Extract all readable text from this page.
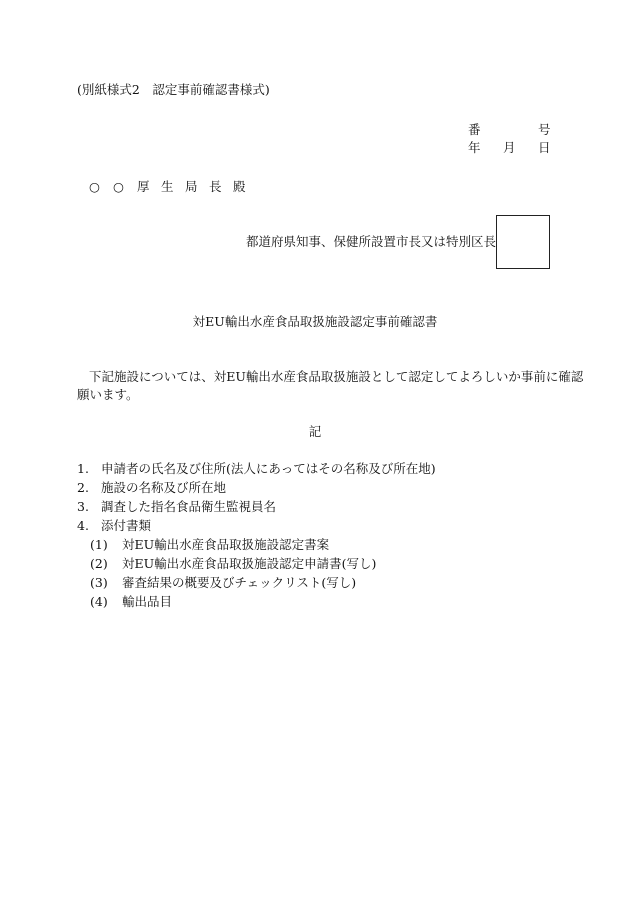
(別紙様式2　認定事前確認書様式)
番	号
年 月 日
○ ○ 厚 生 局 長 殿
都道府県知事、保健所設置市長又は特別区長
対EU輸出水産食品取扱施設認定事前確認書
下記施設については、対EU輸出水産食品取扱施設として認定してよろしいか事前に確認
願います。
記
1. 申請者の氏名及び住所(法人にあってはその名称及び所在地)
2. 施設の名称及び所在地
3. 調査した指名食品衛生監視員名
4. 添付書類
(1) 対EU輸出水産食品取扱施設認定書案
(2) 対EU輸出水産食品取扱施設認定申請書(写し)
(3) 審査結果の概要及びチェックリスト(写し)
(4) 輸出品目
